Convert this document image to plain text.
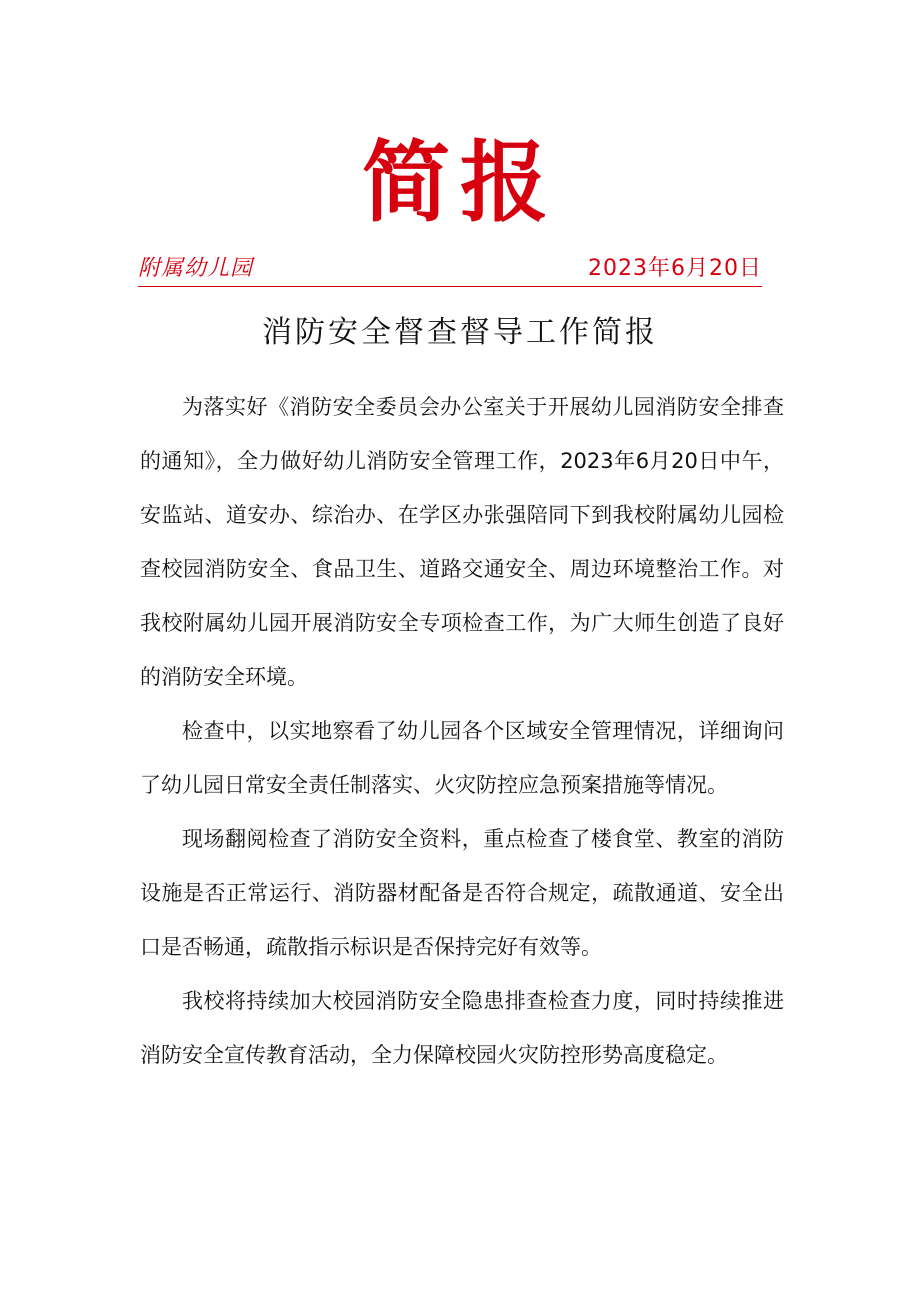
简报
附属幼儿园	2023年6月20日
消防安全督查督导工作简报

为落实好《消防安全委员会办公室关于开展幼儿园消防安全排查的通知》，全力做好幼儿消防安全管理工作，2023年6月20日中午，安监站、道安办、综治办、在学区办张强陪同下到我校附属幼儿园检查校园消防安全、食品卫生、道路交通安全、周边环境整治工作。对我校附属幼儿园开展消防安全专项检查工作，为广大师生创造了良好的消防安全环境。

检查中，以实地察看了幼儿园各个区域安全管理情况，详细询问了幼儿园日常安全责任制落实、火灾防控应急预案措施等情况。

现场翻阅检查了消防安全资料，重点检查了楼食堂、教室的消防设施是否正常运行、消防器材配备是否符合规定，疏散通道、安全出口是否畅通，疏散指示标识是否保持完好有效等。

我校将持续加大校园消防安全隐患排查检查力度，同时持续推进消防安全宣传教育活动，全力保障校园火灾防控形势高度稳定。
